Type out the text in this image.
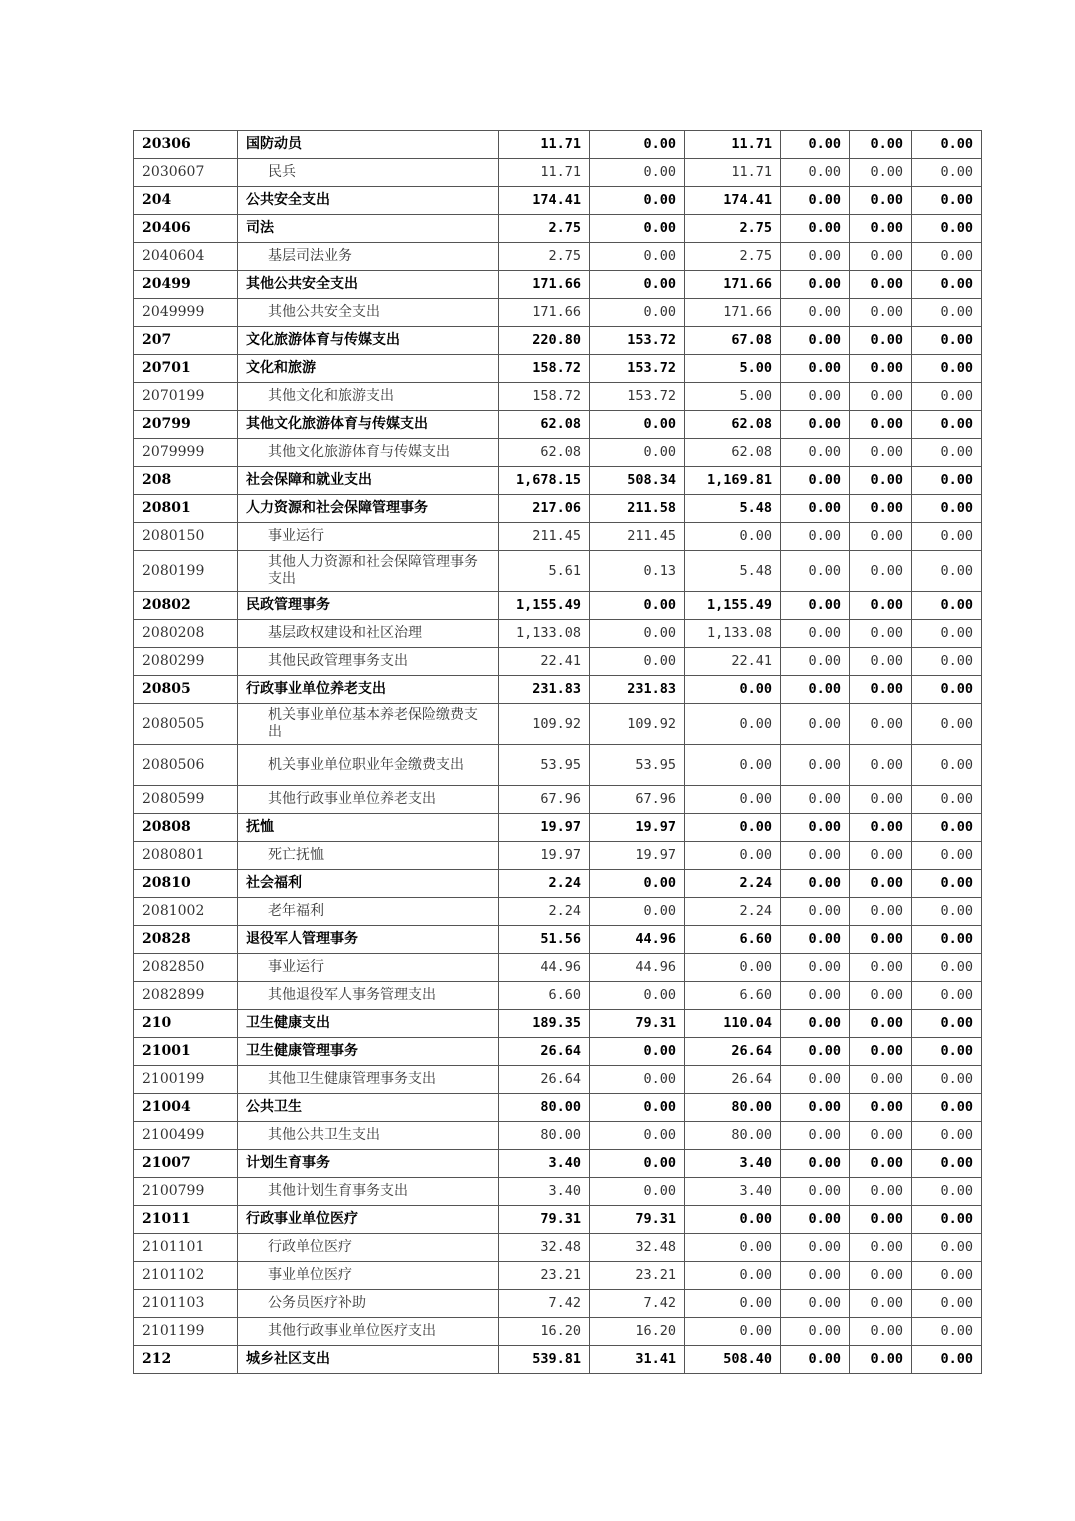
20306	国防动员	11.71	0.00	11.71	0.00	0.00	0.00
2030607	民兵	11.71	0.00	11.71	0.00	0.00	0.00
204	公共安全支出	174.41	0.00	174.41	0.00	0.00	0.00
20406	司法	2.75	0.00	2.75	0.00	0.00	0.00
2040604	基层司法业务	2.75	0.00	2.75	0.00	0.00	0.00
20499	其他公共安全支出	171.66	0.00	171.66	0.00	0.00	0.00
2049999	其他公共安全支出	171.66	0.00	171.66	0.00	0.00	0.00
207	文化旅游体育与传媒支出	220.80	153.72	67.08	0.00	0.00	0.00
20701	文化和旅游	158.72	153.72	5.00	0.00	0.00	0.00
2070199	其他文化和旅游支出	158.72	153.72	5.00	0.00	0.00	0.00
20799	其他文化旅游体育与传媒支出	62.08	0.00	62.08	0.00	0.00	0.00
2079999	其他文化旅游体育与传媒支出	62.08	0.00	62.08	0.00	0.00	0.00
208	社会保障和就业支出	1,678.15	508.34	1,169.81	0.00	0.00	0.00
20801	人力资源和社会保障管理事务	217.06	211.58	5.48	0.00	0.00	0.00
2080150	事业运行	211.45	211.45	0.00	0.00	0.00	0.00
2080199	其他人力资源和社会保障管理事务支出	5.61	0.13	5.48	0.00	0.00	0.00
20802	民政管理事务	1,155.49	0.00	1,155.49	0.00	0.00	0.00
2080208	基层政权建设和社区治理	1,133.08	0.00	1,133.08	0.00	0.00	0.00
2080299	其他民政管理事务支出	22.41	0.00	22.41	0.00	0.00	0.00
20805	行政事业单位养老支出	231.83	231.83	0.00	0.00	0.00	0.00
2080505	机关事业单位基本养老保险缴费支出	109.92	109.92	0.00	0.00	0.00	0.00
2080506	机关事业单位职业年金缴费支出	53.95	53.95	0.00	0.00	0.00	0.00
2080599	其他行政事业单位养老支出	67.96	67.96	0.00	0.00	0.00	0.00
20808	抚恤	19.97	19.97	0.00	0.00	0.00	0.00
2080801	死亡抚恤	19.97	19.97	0.00	0.00	0.00	0.00
20810	社会福利	2.24	0.00	2.24	0.00	0.00	0.00
2081002	老年福利	2.24	0.00	2.24	0.00	0.00	0.00
20828	退役军人管理事务	51.56	44.96	6.60	0.00	0.00	0.00
2082850	事业运行	44.96	44.96	0.00	0.00	0.00	0.00
2082899	其他退役军人事务管理支出	6.60	0.00	6.60	0.00	0.00	0.00
210	卫生健康支出	189.35	79.31	110.04	0.00	0.00	0.00
21001	卫生健康管理事务	26.64	0.00	26.64	0.00	0.00	0.00
2100199	其他卫生健康管理事务支出	26.64	0.00	26.64	0.00	0.00	0.00
21004	公共卫生	80.00	0.00	80.00	0.00	0.00	0.00
2100499	其他公共卫生支出	80.00	0.00	80.00	0.00	0.00	0.00
21007	计划生育事务	3.40	0.00	3.40	0.00	0.00	0.00
2100799	其他计划生育事务支出	3.40	0.00	3.40	0.00	0.00	0.00
21011	行政事业单位医疗	79.31	79.31	0.00	0.00	0.00	0.00
2101101	行政单位医疗	32.48	32.48	0.00	0.00	0.00	0.00
2101102	事业单位医疗	23.21	23.21	0.00	0.00	0.00	0.00
2101103	公务员医疗补助	7.42	7.42	0.00	0.00	0.00	0.00
2101199	其他行政事业单位医疗支出	16.20	16.20	0.00	0.00	0.00	0.00
212	城乡社区支出	539.81	31.41	508.40	0.00	0.00	0.00
